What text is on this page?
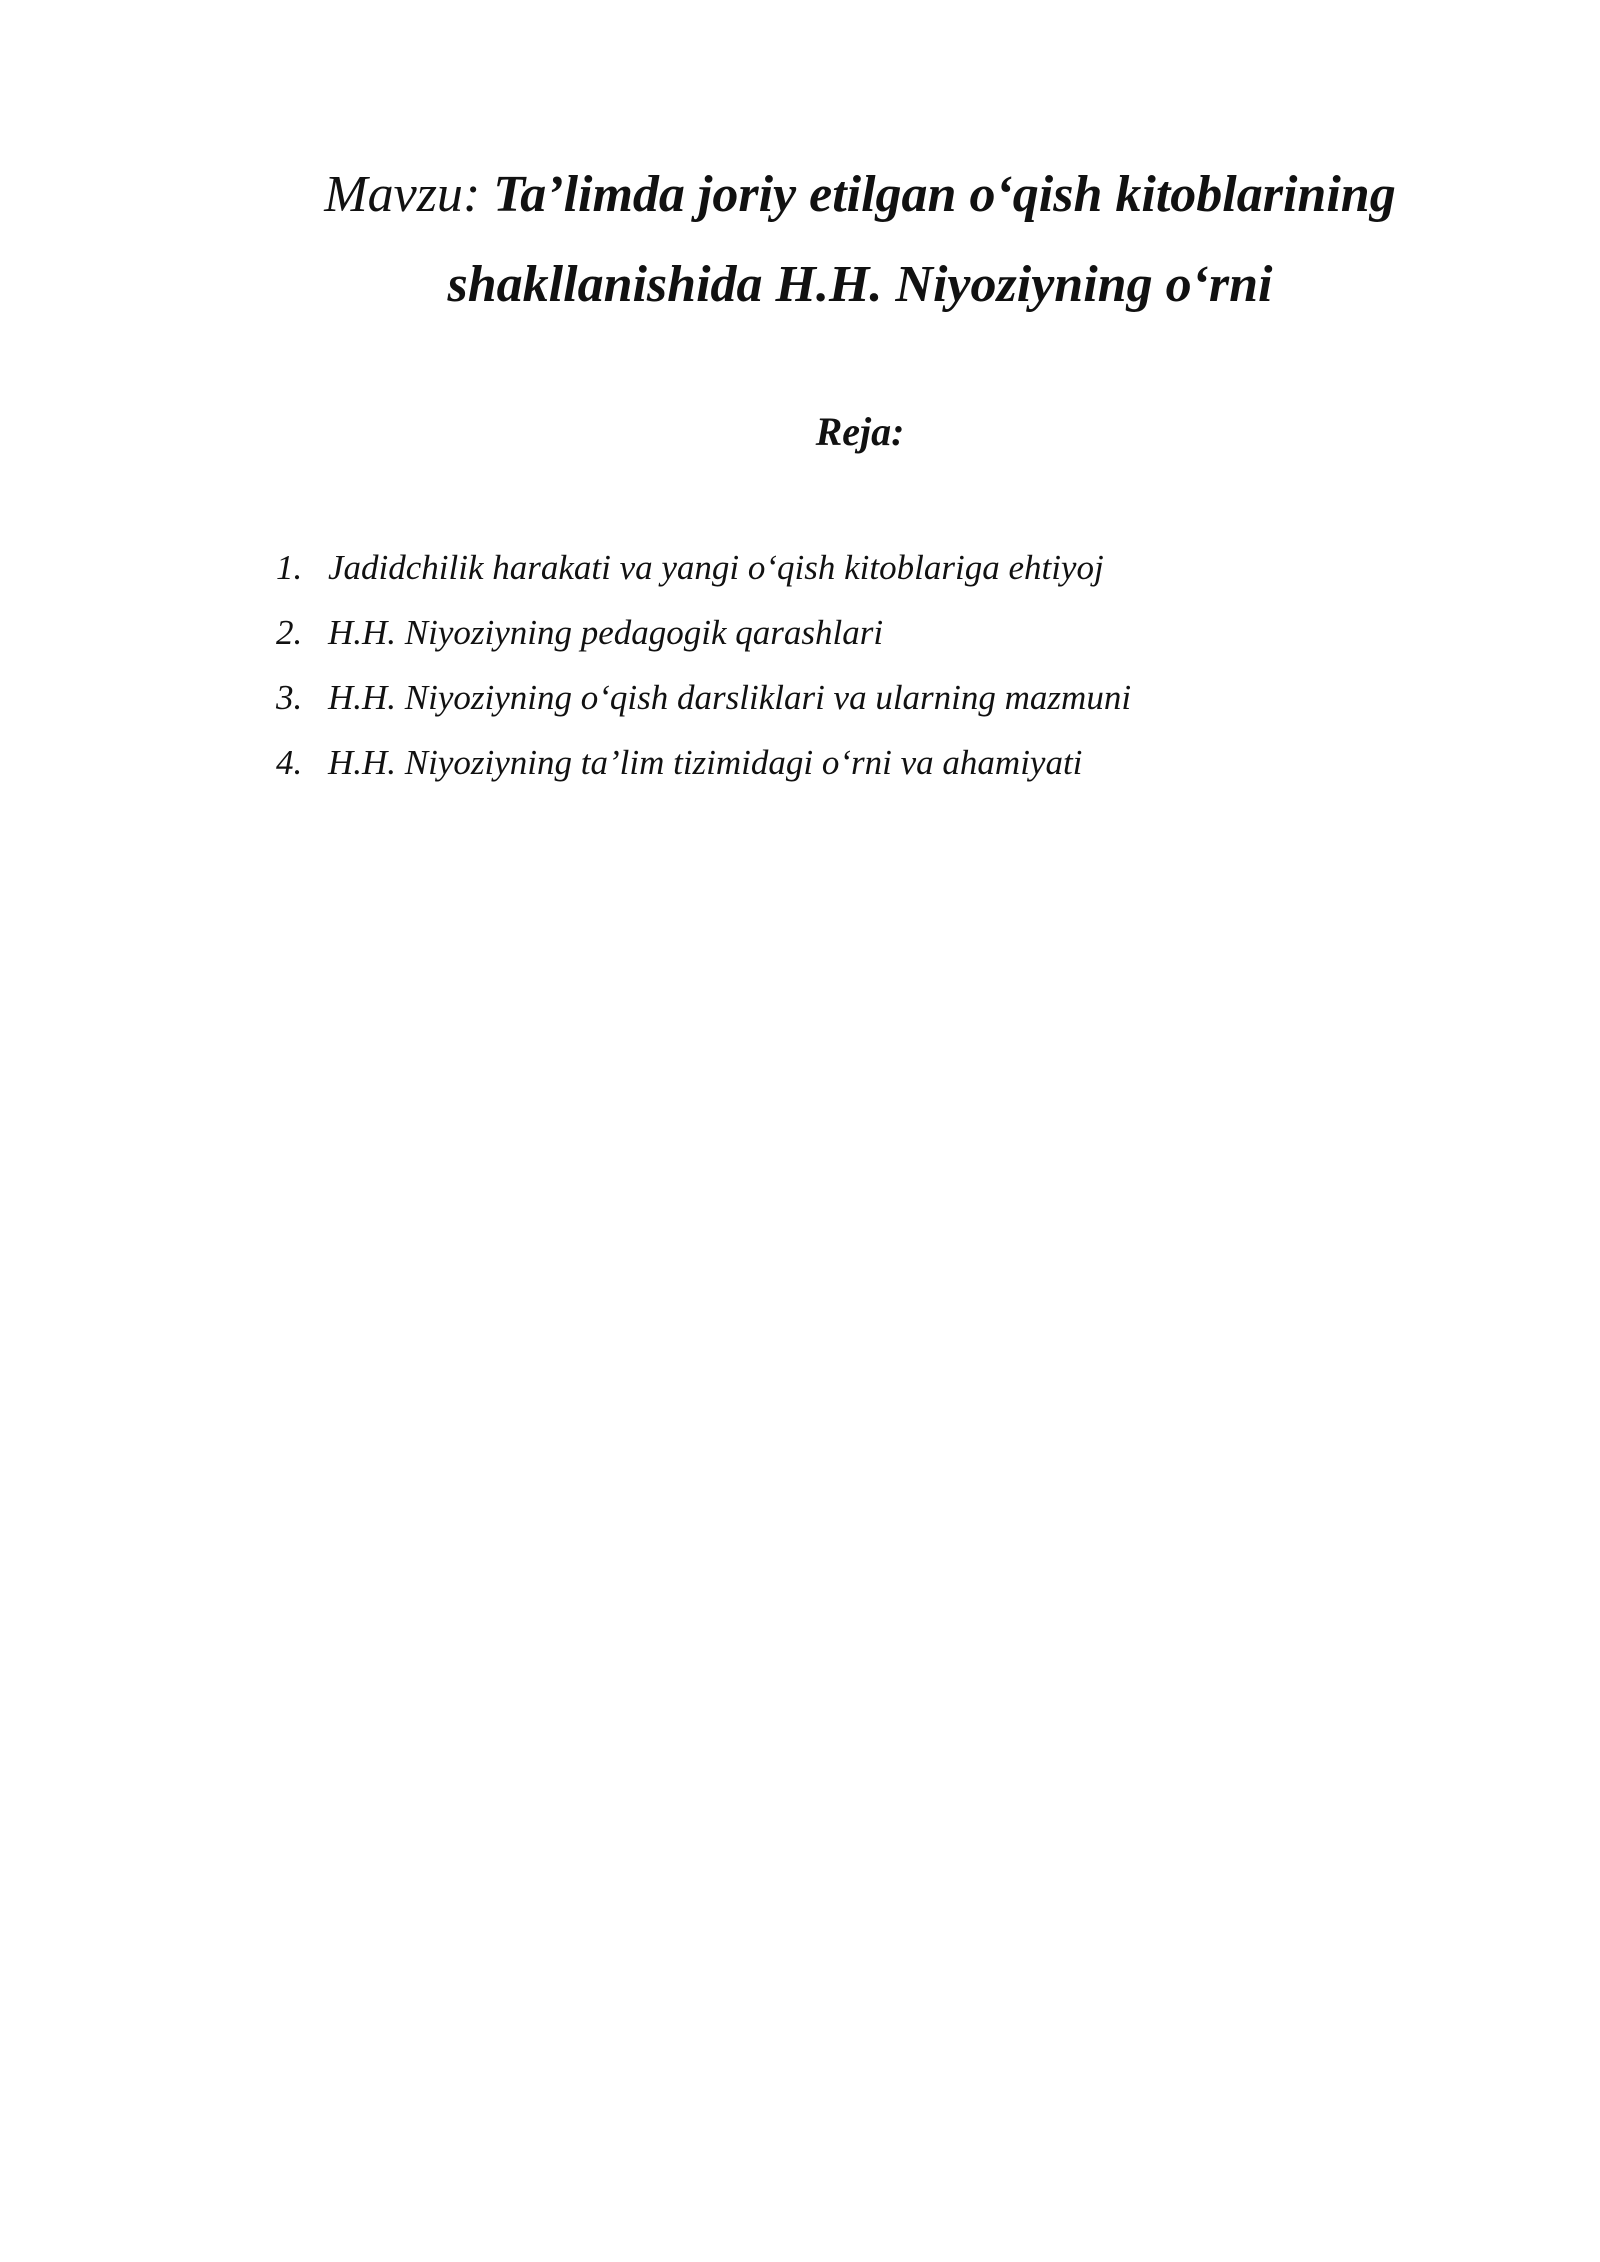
Mavzu: Ta’limda joriy etilgan o‘qish kitoblarining shakllanishida H.H. Niyoziyning o‘rni
Reja:
1. Jadidchilik harakati va yangi o‘qish kitoblariga ehtiyoj
2. H.H. Niyoziyning pedagogik qarashlari
3. H.H. Niyoziyning o‘qish darsliklari va ularning mazmuni
4. H.H. Niyoziyning ta’lim tizimidagi o‘rni va ahamiyati
